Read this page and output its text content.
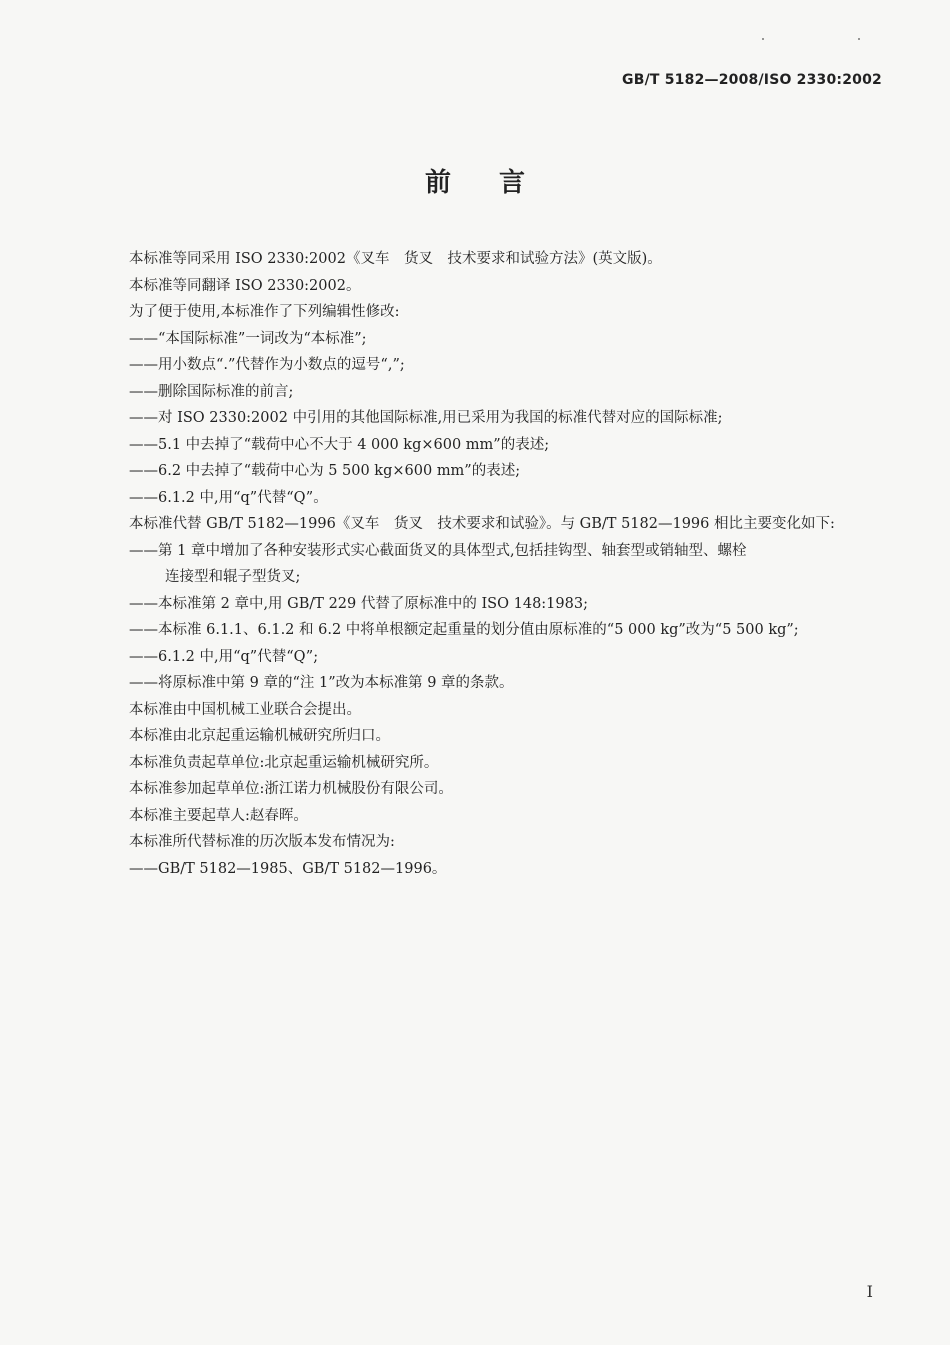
GB/T 5182—2008/ISO 2330:2002
前言

本标准等同采用 ISO 2330:2002《叉车　货叉　技术要求和试验方法》(英文版)。

本标准等同翻译 ISO 2330:2002。

为了便于使用,本标准作了下列编辑性修改:

——“本国际标准”一词改为“本标准”;

——用小数点“.”代替作为小数点的逗号“,”;

——删除国际标准的前言;

——对 ISO 2330:2002 中引用的其他国际标准,用已采用为我国的标准代替对应的国际标准;

——5.1 中去掉了“载荷中心不大于 4 000 kg×600 mm”的表述;

——6.2 中去掉了“载荷中心为 5 500 kg×600 mm”的表述;

——6.1.2 中,用“q”代替“Q”。

本标准代替 GB/T 5182—1996《叉车　货叉　技术要求和试验》。与 GB/T 5182—1996 相比主要变化如下:

——第 1 章中增加了各种安装形式实心截面货叉的具体型式,包括挂钩型、轴套型或销轴型、螺栓
连接型和辊子型货叉;

——本标准第 2 章中,用 GB/T 229 代替了原标准中的 ISO 148:1983;

——本标准 6.1.1、6.1.2 和 6.2 中将单根额定起重量的划分值由原标准的“5 000 kg”改为“5 500 kg”;

——6.1.2 中,用“q”代替“Q”;

——将原标准中第 9 章的“注 1”改为本标准第 9 章的条款。

本标准由中国机械工业联合会提出。

本标准由北京起重运输机械研究所归口。

本标准负责起草单位:北京起重运输机械研究所。

本标准参加起草单位:浙江诺力机械股份有限公司。

本标准主要起草人:赵春晖。

本标准所代替标准的历次版本发布情况为:

——GB/T 5182—1985、GB/T 5182—1996。

I
